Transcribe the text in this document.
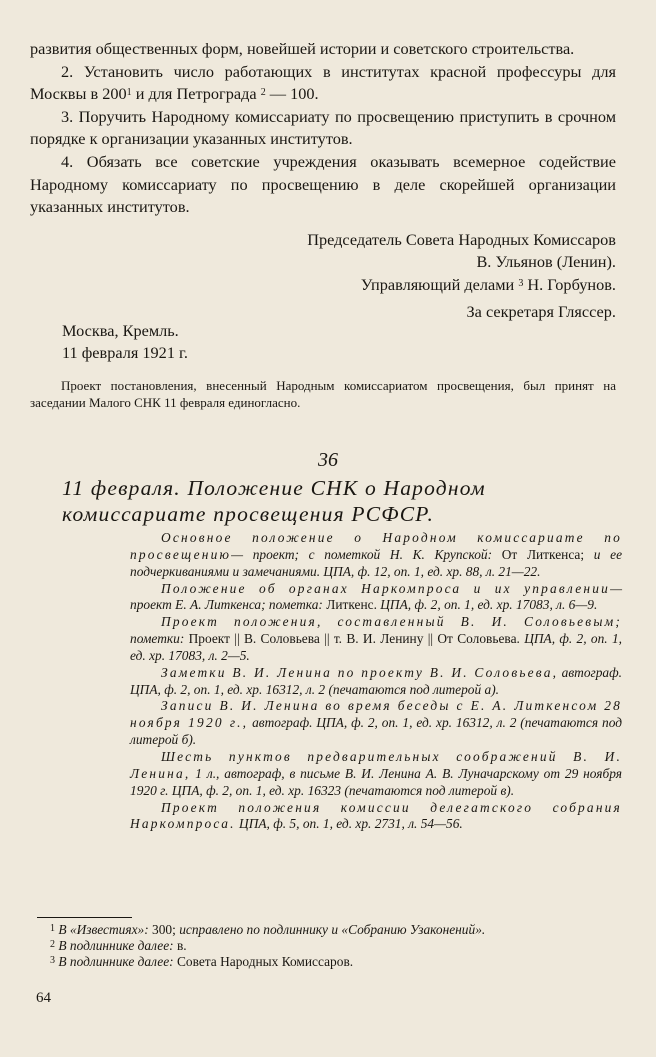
развития общественных форм, новейшей истории и советского строительства.

2. Установить число работающих в институтах красной профессуры для Москвы в $200^1$ и для Петрограда $^2$ — 100.

3. Поручить Народному комиссариату по просвещению приступить в срочном порядке к организации указанных институтов.

4. Обязать все советские учреждения оказывать всемерное содействие Народному комиссариату по просвещению в деле скорейшей организации указанных институтов.

Председатель Совета Народных Комиссаров
В. Ульянов (Ленин).
Управляющий делами $^3$ Н. Горбунов.
За секретаря Гляссер.
Москва, Кремль.
11 февраля 1921 г.
Проект постановления, внесенный Народным комиссариатом просвещения, был принят на заседании Малого СНК 11 февраля единогласно.
36
11 февраля. Положение СНК о Народном комиссариате просвещения РСФСР.

Основное положение о Народном комиссариате по просвещению— проект; с пометкой Н. К. Крупской: От Литкенса; и ее подчеркиваниями и замечаниями. ЦПА, ф. 12, оп. 1, ед. хр. 88, л. 21—22.

Положение об органах Наркомпроса и их управлении— проект Е. А. Литкенса; пометка: Литкенс. ЦПА, ф. 2, оп. 1, ед. хр. 17083, л. 6—9.

Проект положения, составленный В. И. Соловьевым; пометки: Проект || В. Соловьева || т. В. И. Ленину || От Соловьева. ЦПА, ф. 2, оп. 1, ед. хр. 17083, л. 2—5.

Заметки В. И. Ленина по проекту В. И. Соловьева, автограф. ЦПА, ф. 2, оп. 1, ед. хр. 16312, л. 2 (печатаются под литерой а).

Записи В. И. Ленина во время беседы с Е. А. Литкенсом 28 ноября 1920 г., автограф. ЦПА, ф. 2, оп. 1, ед. хр. 16312, л. 2 (печатаются под литерой б).

Шесть пунктов предварительных соображений В. И. Ленина, 1 л., автограф, в письме В. И. Ленина А. В. Луначарскому от 29 ноября 1920 г. ЦПА, ф. 2, оп. 1, ед. хр. 16323 (печатаются под литерой в).

Проект положения комиссии делегатского собрания Наркомпроса. ЦПА, ф. 5, оп. 1, ед. хр. 2731, л. 54—56.

$^1$ В «Известиях»: 300; исправлено по подлиннику и «Собранию Узаконений».

$^2$ В подлиннике далее: в.

$^3$ В подлиннике далее: Совета Народных Комиссаров.

64
